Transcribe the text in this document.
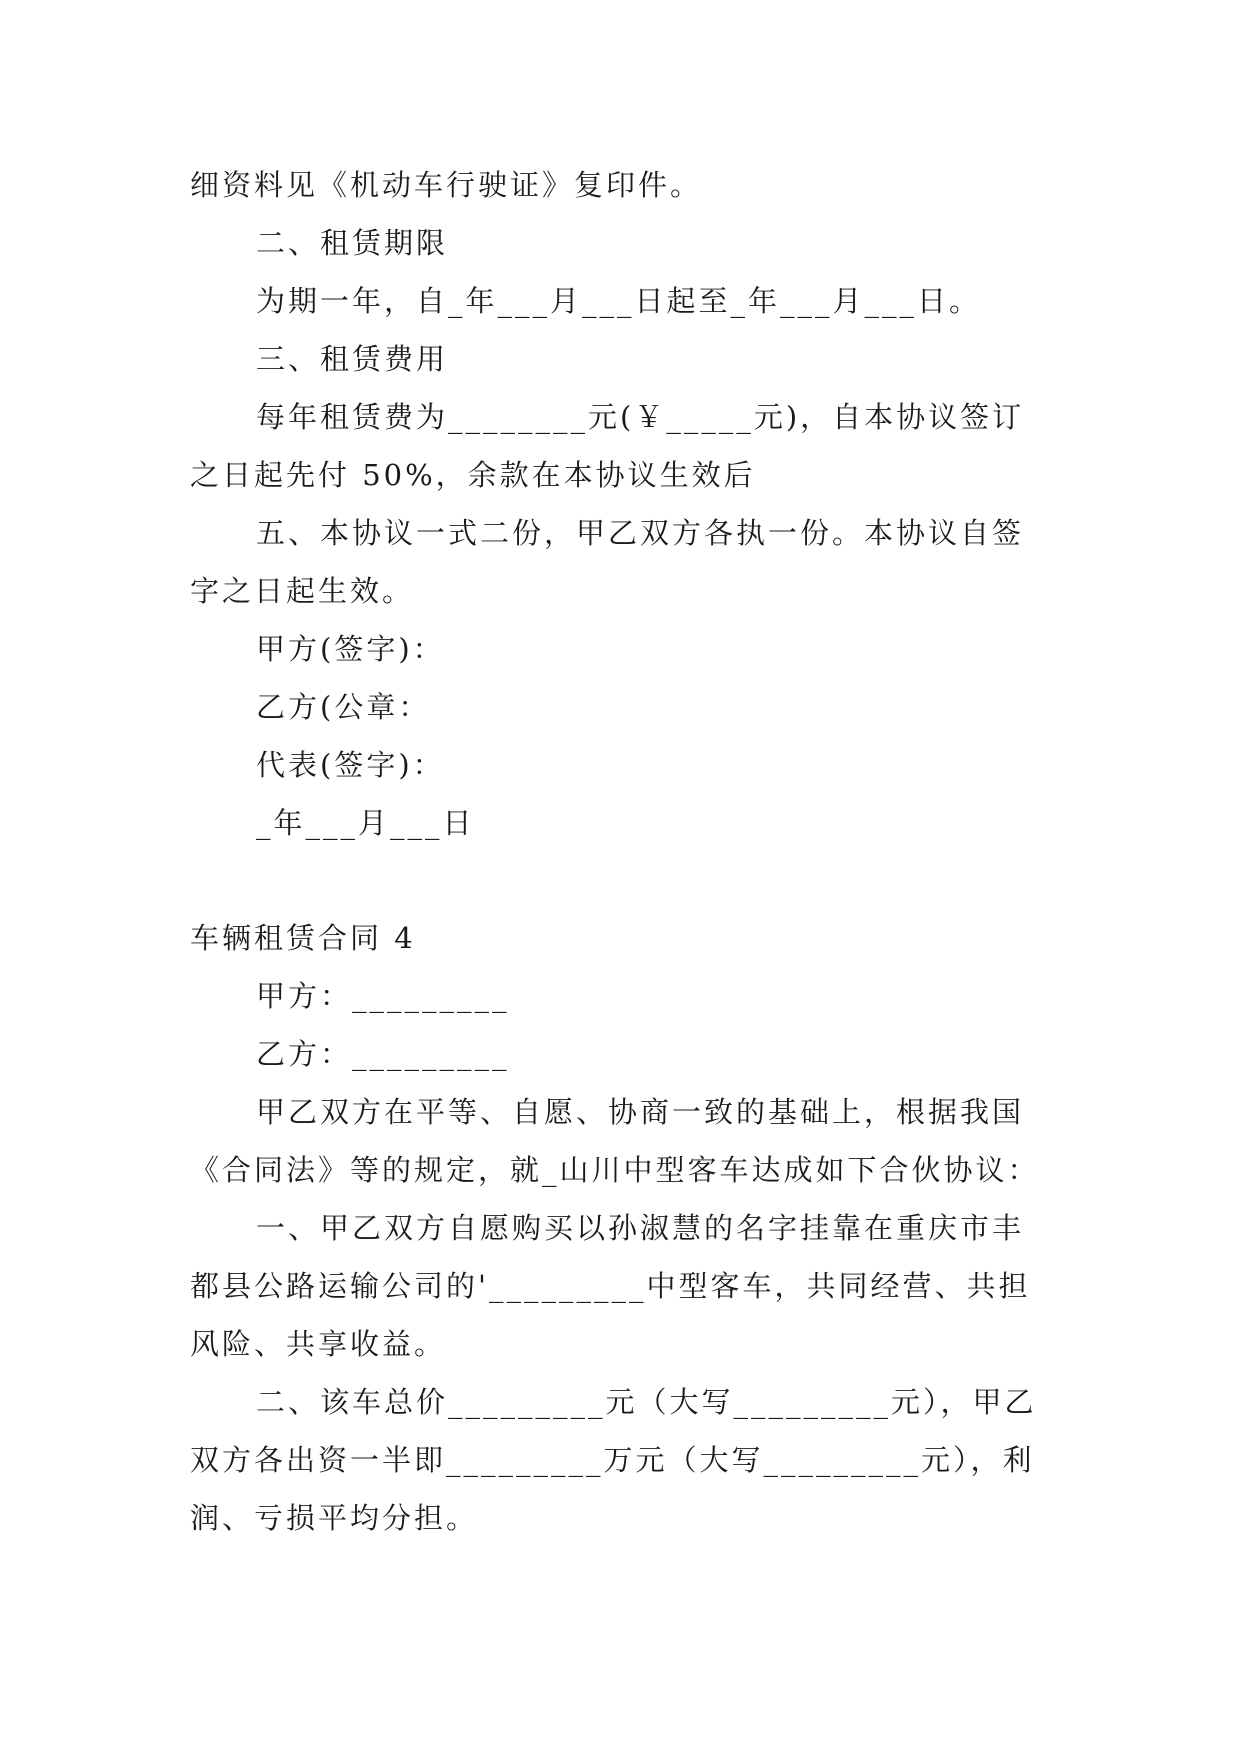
细资料见《机动车行驶证》复印件。
二、租赁期限
为期一年，自_年___月___日起至_年___月___日。
三、租赁费用
每年租赁费为________元(￥_____元)，自本协议签订
之日起先付 50%，余款在本协议生效后
五、本协议一式二份，甲乙双方各执一份。本协议自签
字之日起生效。
甲方(签字)：
乙方(公章：
代表(签字)：
_年___月___日
车辆租赁合同 4
甲方：_________
乙方：_________
甲乙双方在平等、自愿、协商一致的基础上，根据我国
《合同法》等的规定，就_山川中型客车达成如下合伙协议：
一、甲乙双方自愿购买以孙淑慧的名字挂靠在重庆市丰
都县公路运输公司的'_________中型客车，共同经营、共担
风险、共享收益。
二、该车总价_________元（大写_________元），甲乙
双方各出资一半即_________万元（大写_________元），利
润、亏损平均分担。
